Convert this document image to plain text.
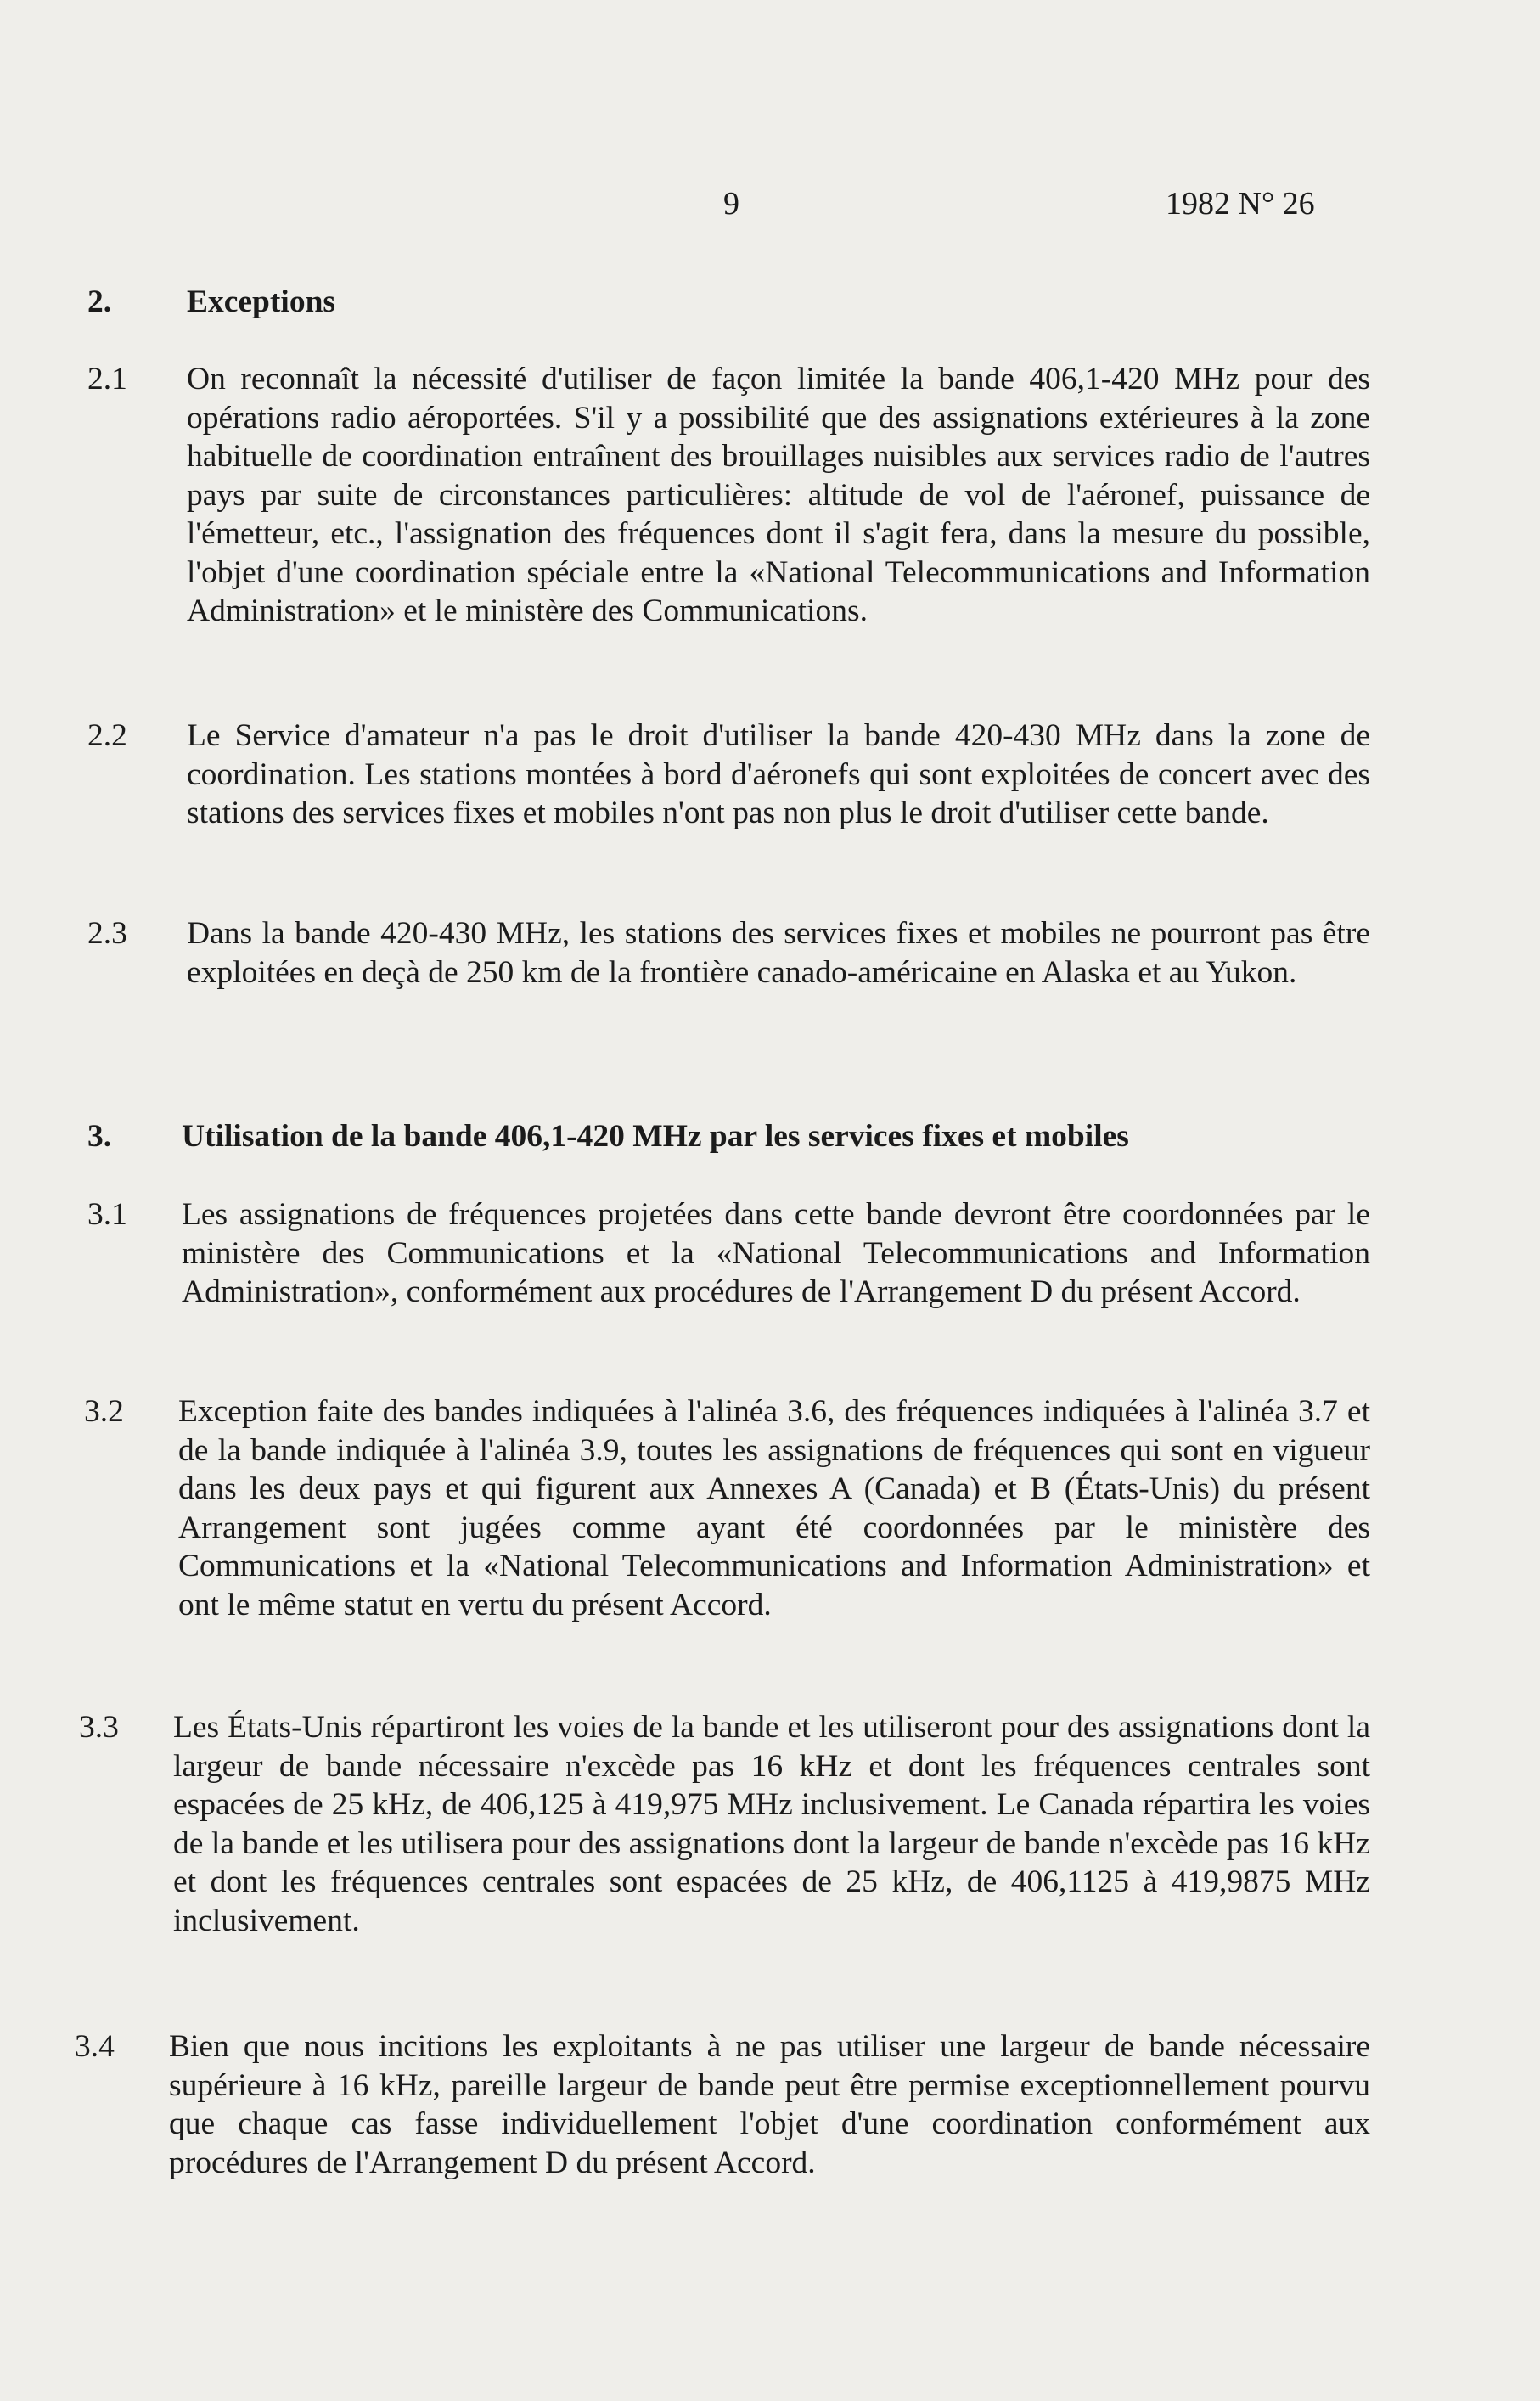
9	1982 N° 26
2. Exceptions
2.1 On reconnaît la nécessité d'utiliser de façon limitée la bande 406,1-420 MHz pour des opérations radio aéroportées. S'il y a possibilité que des assignations extérieures à la zone habituelle de coordination entraînent des brouillages nuisibles aux services radio de l'autres pays par suite de circonstances particulières: altitude de vol de l'aéronef, puissance de l'émetteur, etc., l'assignation des fréquences dont il s'agit fera, dans la mesure du possible, l'objet d'une coordination spéciale entre la «National Telecommunications and Information Administration» et le ministère des Communications.
2.2 Le Service d'amateur n'a pas le droit d'utiliser la bande 420-430 MHz dans la zone de coordination. Les stations montées à bord d'aéronefs qui sont exploitées de concert avec des stations des services fixes et mobiles n'ont pas non plus le droit d'utiliser cette bande.
2.3 Dans la bande 420-430 MHz, les stations des services fixes et mobiles ne pourront pas être exploitées en deçà de 250 km de la frontière canado-américaine en Alaska et au Yukon.
3. Utilisation de la bande 406,1-420 MHz par les services fixes et mobiles
3.1 Les assignations de fréquences projetées dans cette bande devront être coordonnées par le ministère des Communications et la «National Telecommunications and Information Administration», conformément aux procédures de l'Arrangement D du présent Accord.
3.2 Exception faite des bandes indiquées à l'alinéa 3.6, des fréquences indiquées à l'alinéa 3.7 et de la bande indiquée à l'alinéa 3.9, toutes les assignations de fréquences qui sont en vigueur dans les deux pays et qui figurent aux Annexes A (Canada) et B (États-Unis) du présent Arrangement sont jugées comme ayant été coordonnées par le ministère des Communications et la «National Telecommunications and Information Administration» et ont le même statut en vertu du présent Accord.
3.3 Les États-Unis répartiront les voies de la bande et les utiliseront pour des assignations dont la largeur de bande nécessaire n'excède pas 16 kHz et dont les fréquences centrales sont espacées de 25 kHz, de 406,125 à 419,975 MHz inclusivement. Le Canada répartira les voies de la bande et les utilisera pour des assignations dont la largeur de bande n'excède pas 16 kHz et dont les fréquences centrales sont espacées de 25 kHz, de 406,1125 à 419,9875 MHz inclusivement.
3.4 Bien que nous incitions les exploitants à ne pas utiliser une largeur de bande nécessaire supérieure à 16 kHz, pareille largeur de bande peut être permise exceptionnellement pourvu que chaque cas fasse individuellement l'objet d'une coordination conformément aux procédures de l'Arrangement D du présent Accord.
